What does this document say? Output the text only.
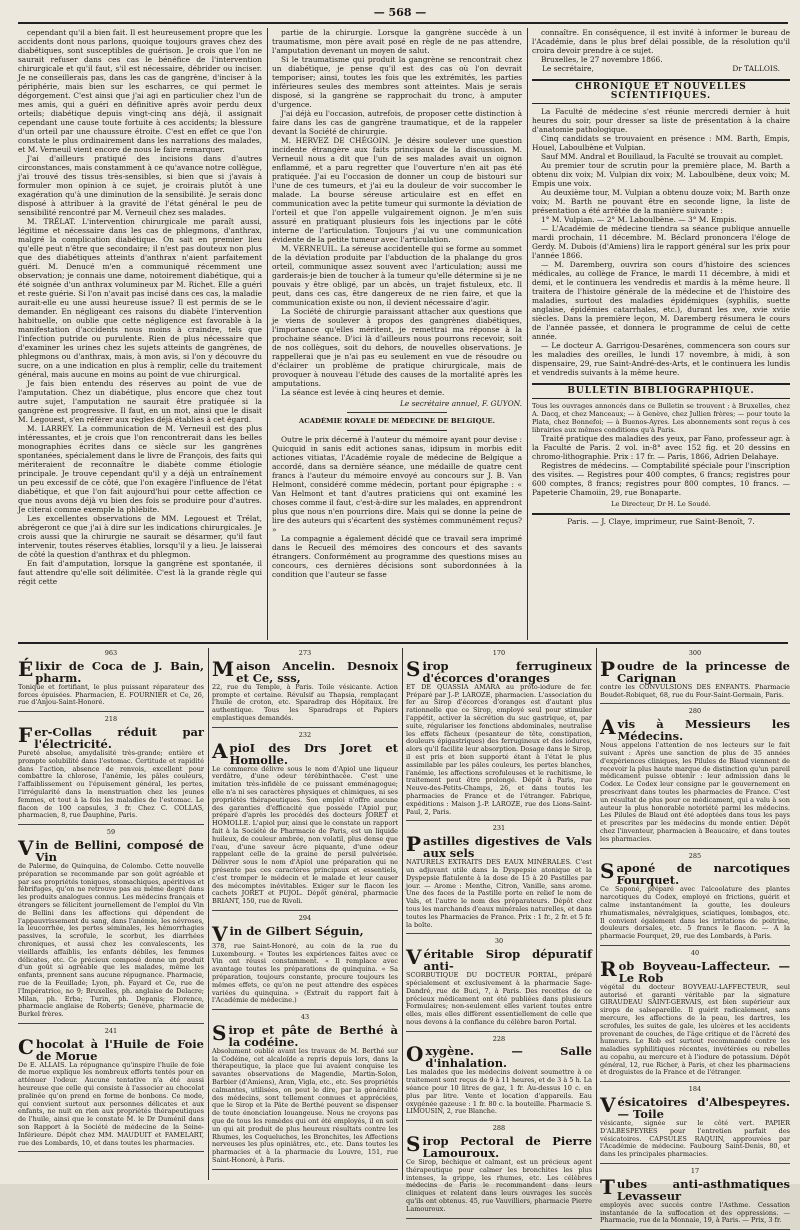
— 568 —

cependant qu'il a bien fait. Il est heureusement propre que les accidents dont nous parlons, quoique toujours graves chez des diabétiques, sont susceptibles de guérison. Je crois que l'on ne saurait refuser dans ces cas le bénéfice de l'intervention chirurgicale et qu'il faut, s'il est nécessaire, débrider ou inciser. Je ne conseillerais pas, dans les cas de gangrène, d'inciser à la périphérie, mais bien sur les escharres, ce qui permet le dégorgement. C'est ainsi que j'ai agi en particulier chez l'un de mes amis, qui a guéri en définitive après avoir perdu deux orteils; diabétique depuis vingt-cinq ans déjà, il assignait cependant une cause toute fortuite à ces accidents; la blessure d'un orteil par une chaussure étroite. C'est en effet ce que l'on constate le plus ordinairement dans les narrations des malades, et M. Verneuil vient encore de nous le faire remarquer.

J'ai d'ailleurs pratiqué des incisions dans d'autres circonstances, mais constamment à ce qu'avance notre collègue, j'ai trouvé des tissus très-sensibles, si bien que si j'avais à formuler mon opinion à ce sujet, je croirais plutôt à une exagération qu'à une diminution de la sensibilité. Je serais donc disposé à attribuer à la gravité de l'état général le peu de sensibilité rencontré par M. Verneuil chez ses malades.

M. TRÉLAT. L'intervention chirurgicale me paraît aussi, légitime et nécessaire dans les cas de phlegmons, d'anthrax, malgré la complication diabétique. On sait en premier lieu qu'elle peut n'être que secondaire; il n'est pas douteux non plus que des diabétiques atteints d'anthrax n'aient parfaitement guéri. M. Denucé m'en a communiqué récemment une observation; je connais une dame, notoirement diabétique, qui a été soignée d'un anthrax volumineux par M. Richet. Elle a guéri et reste guérie. Si l'on n'avait pas incisé dans ces cas, la maladie aurait-elle eu une aussi heureuse issue? Il est permis de se le demander. En négligeant ces raisons du diabète l'intervention habituelle, on oublie que cette négligence est favorable à la manifestation d'accidents nous moins à craindre, tels que l'infection putride ou purulente. Rien de plus nécessaire que d'examiner les urines chez les sujets atteints de gangrènes, de phlegmons ou d'anthrax, mais, à mon avis, si l'on y découvre du sucre, on a une indication en plus à remplir, celle du traitement général, mais aucune en moins au point de vue chirurgical.

Je fais bien entendu des réserves au point de vue de l'amputation. Chez un diabétique, plus encore que chez tout autre sujet, l'amputation ne saurait être pratiquée si la gangrène est progressive. Il faut, en un mot, ainsi que le disait M. Legouest, s'en référer aux règles déjà établies à cet égard.

M. LARREY. La communication de M. Verneuil est des plus intéressantes, et je crois que l'on rencontrerait dans les belles monographies écrites dans ce siècle sur les gangrènes spontanées, spécialement dans le livre de François, des faits qui mériteraient de reconnaître le diabète comme étiologie principale. Je trouve cependant qu'il y a déjà un entraînement un peu excessif de ce côté, que l'on exagère l'influence de l'état diabétique, et que l'on fait aujourd'hui pour cette affection ce que nous avons déjà vu bien des fois se produire pour d'autres. Je citerai comme exemple la phlébite.

Les excellentes observations de MM. Legouest et Trélat, abrégeront ce que j'ai à dire sur les indications chirurgicales. Je crois aussi que la chirurgie ne saurait se désarmer, qu'il faut intervenir, toutes réserves établies, lorsqu'il y a lieu. Je laisserai de côté la question d'anthrax et du phlegmon.

En fait d'amputation, lorsque la gangrène est spontanée, il faut attendre qu'elle soit délimitée. C'est là la grande règle qui régit cette

partie de la chirurgie. Lorsque la gangrène succède à un traumatisme, mon père avait posé en règle de ne pas attendre, l'amputation devenant un moyen de salut.

Si le traumatisme qui produit la gangrène se rencontrait chez un diabétique, je pense qu'il est des cas où l'on devrait temporiser; ainsi, toutes les fois que les extrémités, les parties inférieures seules des membres sont atteintes. Mais je serais disposé, si la gangrène se rapprochait du tronc, à amputer d'urgence.

J'ai déjà eu l'occasion, autrefois, de proposer cette distinction à faire dans les cas de gangrène traumatique, et de la rappeler devant la Société de chirurgie.

M. HERVEZ DE CHÉGOIN. Je désire soulever une question incidente étrangère aux faits principaux de la discussion. M. Verneuil nous a dit que l'un de ses malades avait un oignon enflammé, et a paru regretter que l'ouverture n'en ait pas été pratiquée. J'ai eu l'occasion de donner un coup de bistouri sur l'une de ces tumeurs, et j'ai eu la douleur de voir succomber le malade. La bourse séreuse articulaire est en effet en communication avec la petite tumeur qui surmonte la déviation de l'orteil et que l'on appelle vulgairement oignon. Je m'en suis assuré en pratiquant plusieurs fois les injections par le côté interne de l'articulation. Toujours j'ai vu une communication évidente de la petite tumeur avec l'articulation.

M. VERNEUIL. La séreuse accidentelle qui se forme au sommet de la déviation produite par l'abduction de la phalange du gros orteil, communique assez souvent avec l'articulation; aussi me garderais-je bien de toucher à la tumeur qu'elle détermine si je ne pouvais y être obligé, par un abcès, un trajet fistuleux, etc. Il peut, dans ces cas, être dangereux de ne rien faire, et que la communication existe ou non, il devient nécessaire d'agir.

La Société de chirurgie paraissant attacher aux questions que je viens de soulever à propos des gangrènes diabétiques, l'importance qu'elles méritent, je remettrai ma réponse à la prochaine séance. D'ici là d'ailleurs nous pourrons recevoir, soit de nos collègues, soit du dehors, de nouvelles observations. Je rappellerai que je n'ai pas eu seulement en vue de résoudre ou d'éclairer un problème de pratique chirurgicale, mais de provoquer à nouveau l'étude des causes de la mortalité après les amputations.

La séance est levée à cinq heures et demie.

Le secrétaire annuel, F. GUYON.
ACADÉMIE ROYALE DE MÉDECINE DE BELGIQUE.

Outre le prix décerné à l'auteur du mémoire ayant pour devise : Quicquid in sanis edit actiones sanas, idipsum in morbis edit actiones vitiatas, l'Académie royale de médecine de Belgique a accordé, dans sa dernière séance, une médaille de quatre cent francs à l'auteur du mémoire envoyé au concours sur J. B. Van Helmont, considéré comme médecin, portant pour épigraphe : « Van Helmont et tant d'autres praticiens qui ont examiné les choses comme il faut, c'est-à-dire sur les malades, en apprendront plus que nous n'en pourrions dire. Mais qui se donne la peine de lire des auteurs qui s'écartent des systèmes communément reçus? »

La compagnie a également décidé que ce travail sera imprimé dans le Recueil des mémoires des concours et des savants étrangers. Conformément au programme des questions mises au concours, ces dernières décisions sont subordonnées à la condition que l'auteur se fasse

connaître. En conséquence, il est invité à informer le bureau de l'Académie, dans le plus bref délai possible, de la résolution qu'il croira devoir prendre à ce sujet.

Bruxelles, le 27 novembre 1866.

Le secrétaire,	Dr TALLOIS.
CHRONIQUE ET NOUVELLES SCIENTIFIQUES.

La Faculté de médecine s'est réunie mercredi dernier à huit heures du soir, pour dresser sa liste de présentation à la chaire d'anatomie pathologique.

Cinq candidats se trouvaient en présence : MM. Barth, Empis, Houel, Laboulbène et Vulpian.

Sauf MM. Andral et Bouillaud, la Faculté se trouvait au complet.

Au premier tour de scrutin pour la première place, M. Barth a obtenu dix voix; M. Vulpian dix voix; M. Laboulbène, deux voix; M. Empis une voix.

Au deuxième tour, M. Vulpian a obtenu douze voix; M. Barth onze voix; M. Barth ne pouvant être en seconde ligne, la liste de présentation a été arrêtée de la manière suivante :

1° M. Vulpian. — 2° M. Laboulbène. — 3° M. Empis.

— L'Académie de médecine tiendra sa séance publique annuelle mardi prochain, 11 décembre. M. Béclard prononcera l'éloge de Gerdy. M. Dubois (d'Amiens) lira le rapport général sur les prix pour l'année 1866.

— M. Daremberg, ouvrira son cours d'histoire des sciences médicales, au collège de France, le mardi 11 décembre, à midi et demi, et le continuera les vendredis et mardis à la même heure. Il traitera de l'histoire générale de la médecine et de l'histoire des maladies, surtout des maladies épidémiques (syphilis, suette anglaise, épidémies catarrhales, etc.), durant les xve, xvie xviie siècles. Dans la première leçon, M. Daremberg résumera le cours de l'année passée, et donnera le programme de celui de cette année.

— Le docteur A. Garrigou-Desarènes, commencera son cours sur les maladies des oreilles, le lundi 17 novembre, à midi, à son dispensaire, 29, rue Saint-André-des-Arts, et le continuera les lundis et vendredis suivants à la même heure.

BULLETIN BIBLIOGRAPHIQUE.

Tous les ouvrages annoncés dans ce Bulletin se trouvent : à Bruxelles, chez A. Dacq, et chez Manceaux; — à Genève, chez Jullien frères; — pour toute la Plata, chez Bonnefoi; — à Buenos-Ayres. Les abonnements sont reçus à ces librairies aux mêmes conditions qu'à Paris.

Traité pratique des maladies des yeux, par Fano, professeur agr. à la Faculté de Paris. 2 vol. in-8° avec 152 fig. et 20 dessins en chromo-lithographie. Prix : 17 fr. — Paris, 1866, Adrien Delahaye.

Registres de médecins. — Comptabilité spéciale pour l'inscription des visites. — Registres pour 400 comptes, 6 francs; registres pour 600 comptes, 8 francs; registres pour 800 comptes, 10 francs. — Papeterie Chamoiin, 29, rue Bonaparte.

Le Directeur, Dr H. Le Soudé.
Paris. — J. Claye, imprimeur, rue Saint-Benoît, 7.
963
Élixir de Coca de J. Bain, pharm.
Tonique et fortifiant, le plus puissant réparateur des forces épuisées. Pharmacien, E. FOURNIER et Ce, 26, rue d'Anjou-Saint-Honoré.
218
Fer-Collas réduit par l'électricité.
Pureté absolue, amydalisité très-grande; entière et prompte solubilité dans l'estomac. Certitude et rapidité dans l'action, absence de renvois, excellent pour combattre la chlorose, l'anémie, les pâles couleurs, l'affaiblissement ou l'épuisement général, les pertes, l'irrégularité dans la menstruation chez les jeunes femmes, et tout à la fois les maladies de l'estomac. Le flacon de 100 capsules, 3 fr. Chez C. COLLAS, pharmacien, 8, rue Dauphine, Paris.
59
Vin de Bellini, composé de Vin
de Palerme, de Quinquina, de Colombo. Cette nouvelle préparation se recommande par son goût agréable et par ses propriétés toniques, stomachiques, apéritives et fébrifuges, qu'on ne retrouve pas au même degré dans les produits analogues connus. Les médecins français et étrangers se félicitent journellement de l'emploi du Vin de Bellini dans les affections qui dépendent de l'appauvrissement du sang, dans l'anémie, les névroses, la leucorrhée, les pertes séminales, les hémorrhagies passives, la scrofule, le scorbut, les diarrhées chroniques, et aussi chez les convalescents, les vieillards affaiblis, les enfants débiles, les femmes délicates, etc. Ce précieux composé donne un produit d'un goût si agréable que les malades, même les enfants, prennent sans aucune répugnance. Pharmacie, rue de la Feuillade; Lyon, ph. Fayard et Ce, rue de l'Impératrice, no 9; Bruxelles, ph. anglaise de Delacre; Milan, ph. Erba; Turin, ph. Depanis; Florence, pharmacie anglaise de Roberts; Genève, pharmacie de Burkel frères.
241
Chocolat à l'Huile de Foie de Morue
De E. ALLAIS. La répugnance qu'inspire l'huile de foie de morue explique les nombreux efforts tentés pour en atténuer l'odeur. Aucune tentative n'a été aussi heureuse que celle qui consiste à l'associer au chocolat pralinée qu'on prend en forme de bonbons. Ce mode, qui convient surtout aux personnes délicates et aux enfants, ne nuit en rien aux propriétés thérapeutiques de l'huile, ainsi que le constate M. le Dr Duménil dans son Rapport à la Société de médecine de la Seine-Inférieure. Dépôt chez MM. MAUDUIT et FAMELART, rue des Lombards, 10, et dans toutes les pharmacies.
273
Maison Ancelin. Desnoix et Ce, sss,
22, rue du Temple, à Paris. Toile vésicante. Action prompte et certaine. Révulsif au Thapsia, remplaçant l'huile de croton, etc. Sparadrap des Hôpitaux. Ire authentique. Tous les Sparadraps et Papiers emplastiques demandés.
232
ApioI des Drs Joret et Homolle.
Le commerce délivre sous le nom d'Apiol une liqueur verdâtre, d'une odeur térébinthacée. C'est une imitation très-infidèle de ce puissant emménagogue; elle n'a ni ses caractères physiques et chimiques, ni ses propriétés thérapeutiques. Son emploi n'offre aucune des garanties d'efficacité que possède l'Apiol pur, préparé d'après les procédés des docteurs JORET et HOMOLLE. L'apiol pur, ainsi que le constate un rapport fait à la Société de Pharmacie de Paris, est un liquide huileux, de couleur ambrée, non volatil, plus dense que l'eau, d'une saveur âcre piquante, d'une odeur rappelant celle de la graine de persil pulvérisée. Délivrer sous le nom d'Apiol une préparation qui ne présente pas ces caractères principaux et essentiels, c'est tromper le médecin et le malade et leur causer des mécomptes inévitables. Exiger sur le flacon les cachets JORET et PUJOL. Dépôt général, pharmacie BRIANT, 150, rue de Rivoli.
294
Vin de Gilbert Séguin,
378, rue Saint-Honoré, au coin de la rue du Luxembourg. « Toutes les expériences faites avec ce Vin ont réussi constamment. « Il remplace avec avantage toutes les préparations de quinquina. « Sa préparation, toujours constante, procure toujours les mêmes effets, ce qu'on ne peut attendre des espèces variées du quinquina. » (Extrait du rapport fait à l'Académie de médecine.)
43
Sirop et pâte de Berthé à la codéine.
Absolument oublié avant les travaux de M. Berthé sur la Codéine, cet alcaloïde a repris depuis lors, dans la thérapeutique, la place que lui avaient conquise les savantes observations de Magendie, Martin-Solon, Barbier (d'Amiens), Aran, Vigla, etc., etc. Ses propriétés calmantes, utilisées, on peut le dire, par la généralité des médecins, sont tellement connues et appréciées, que le Sirop et la Pâte de Berthé peuvent se dispenser de toute énonciation louangeuse. Nous ne croyons pas que de tous les remèdes qui ont été employés, il en soit un qui ait produit de plus heureux résultats contre les Rhumes, les Coqueluches, les Bronchites, les Affections nerveuses les plus opiniâtres, etc., etc. Dans toutes les pharmacies et à la pharmacie du Louvre, 151, rue Saint-Honoré, à Paris.
170
Sirop ferrugineux d'écorces d'oranges
ET DE QUASSIA AMARA au proto-iodure de fer. Préparé par J.-P. LAROZE, pharmacien. L'association du fer au Sirop d'écorces d'oranges est d'autant plus rationnelle que ce Sirop, employé seul pour stimuler l'appétit, activer la sécrétion du suc gastrique, et, par suite, régulariser les fonctions abdominales, neutralise les effets fâcheux (pesanteur de tête, constipation, douleurs épigastriques) des ferrugineux et des iodures, alors qu'il facilite leur absorption. Dosage dans le Sirop, il est pris et bien supporté étant à l'état le plus assimilable par les pâles couleurs, les pertes blanches, l'anémie, les affections scrofuleuses et le rachitisme, le traitement peut être prolongé. Dépôt à Paris, rue Neuve-des-Petits-Champs, 26, et dans toutes les pharmacies de France et de l'étranger. Fabrique, expéditions : Maison J.-P. LAROZE, rue des Lions-Saint-Paul, 2, Paris.
231
Pastilles digestives de Vals aux sels
NATURELS EXTRAITS DES EAUX MINÉRALES. C'est un adjuvant utile dans la Dyspepsie atonique et la Dyspepsie flatulente à la dose de 15 à 20 Pastilles par jour. — Arome : Menthe, Citron, Vanille, sans arome. Une des faces de la Pastille porte en relief le nom de Vals, et l'autre le nom des préparateurs. Dépôt chez tous les marchands d'eaux minérales naturelles, et dans toutes les Pharmacies de France. Prix : 1 fr., 2 fr. et 5 fr. la boîte.
30
Véritable Sirop dépuratif anti-
SCORBUTIQUE DU DOCTEUR PORTAL, préparé spécialement et exclusivement à la pharmacie Sage-Dandré, rue de Buci, 7, à Paris. Des recettes de ce précieux médicament ont été publiées dans plusieurs Formulaires; non-seulement elles varient toutes entre elles, mais elles diffèrent essentiellement de celle que nous devons à la confiance du célèbre baron Portal.
228
Oxygène. — Salle d'inhalation.
Les malades que les médecins doivent soumettre à ce traitement sont reçus de 9 à 11 heures, et de 3 à 5 h. La séance pour 10 litres de gaz, 1 fr. Au-dessus 10 c. en plus par litre. Vente et location d'appareils. Eau oxygénée gazeuse : 1 fr. 80 c. la bouteille. Pharmacie S. LIMOUSIN, 2, rue Blanche.
288
Sirop Pectoral de Pierre Lamouroux.
Ce Sirop, béchique et calmant, est un précieux agent thérapeutique pour calmer les bronchites les plus intenses, la grippe, les rhumes, etc. Les célèbres médecins de Paris le recommandent dans leurs cliniques et relatent dans leurs ouvrages les succès qu'ils ont obtenus. 45, rue Vauvilliers, pharmacie Pierre Lamouroux.
300
Poudre de la princesse de Carignan
contre les CONVULSIONS DES ENFANTS. Pharmacie Boudet-Robiquet, 68, rue du Four-Saint-Germain, Paris.
280
Avis à Messieurs les Médecins.
Nous appelons l'attention de nos lecteurs sur le fait suivant : Après une sanction de plus de 35 années d'expériences cliniques, les Pilules de Blaud viennent de recevoir la plus haute marque de distinction qu'un pareil médicament puisse obtenir : leur admission dans le Codex. Le Codex leur consigne par le gouvernement en prescrivant dans toutes les pharmacies de France. C'est un résultat de plus pour ce médicament, qui a valu à son auteur la plus honorable notoriété parmi les médecins. Les Pilules de Blaud ont été adoptées dans tous les pays et prescrites par les médecins du monde entier. Dépôt chez l'inventeur, pharmacien à Beaucaire, et dans toutes les pharmacies.
285
Saponé de narcotiques Fourquet.
Ce Saponé, préparé avec l'alcoolature des plantes narcotiques du Codex, employé en frictions, guérit et calme instantanément la goutte, les douleurs rhumatismales, névralgiques, sciatiques, lombagos, etc. Il convient également dans les irritations de poitrine, douleurs dorsales, etc. 5 francs le flacon. — A la pharmacie Fourquet, 29, rue des Lombards, à Paris.
40
Rob Boyveau-Laffecteur. — Le Rob
végétal du docteur BOYVEAU-LAFFECTEUR, seul autorisé et garanti véritable par la signature GIRAUDEAU SAINT-GERVAIS, est bien supérieur aux sirops de salsepareille. Il guérit radicalement, sans mercure, les affections de la peau, les dartres, les scrofules, les suites de gale, les ulcères et les accidents provenant de couches, de l'âge critique et de l'âcreté des humeurs. Le Rob est surtout recommandé contre les maladies syphilitiques récentes, invétérées ou rebelles au copahu, au mercure et à l'iodure de potassium. Dépôt général, 12, rue Richer, à Paris, et chez les pharmaciens et droguistes de la France et de l'étranger.
184
Vésicatoires d'Albespeyres. — Toile
vésicante, signée sur le côté vert. PAPIER D'ALBESPEYRES pour l'entretien parfait des vésicatoires. CAPSULES RAQUIN, approuvées par l'Académie de médecine. Faubourg Saint-Denis, 80, et dans les principales pharmacies.
17
Tubes anti-asthmatiques Levasseur
employés avec succès contre l'Asthme. Cessation instantanée de la suffocation et des oppressions. — Pharmacie, rue de la Monnaie, 19, à Paris. — Prix, 3 fr.
